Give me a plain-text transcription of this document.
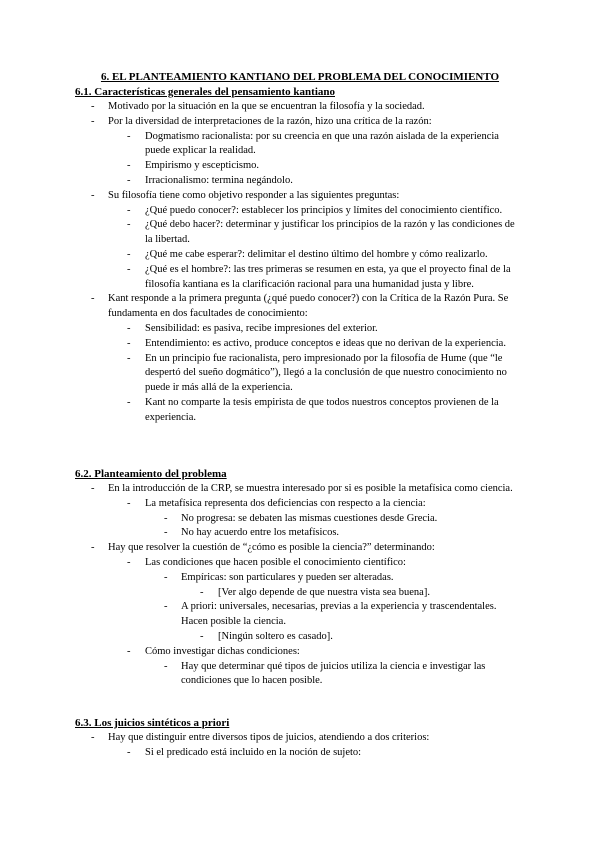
6. EL PLANTEAMIENTO KANTIANO DEL PROBLEMA DEL CONOCIMIENTO
6.1. Características generales del pensamiento kantiano
- Motivado por la situación en la que se encuentran la filosofía y la sociedad.
- Por la diversidad de interpretaciones de la razón, hizo una crítica de la razón:
- Dogmatismo racionalista: por su creencia en que una razón aislada de la experiencia puede explicar la realidad.
- Empirismo y escepticismo.
- Irracionalismo: termina negándolo.
- Su filosofía tiene como objetivo responder a las siguientes preguntas:
- ¿Qué puedo conocer?: establecer los principios y límites del conocimiento científico.
- ¿Qué debo hacer?: determinar y justificar los principios de la razón y las condiciones de la libertad.
- ¿Qué me cabe esperar?: delimitar el destino último del hombre y cómo realizarlo.
- ¿Qué es el hombre?: las tres primeras se resumen en esta, ya que el proyecto final de la filosofía kantiana es la clarificación racional para una humanidad justa y libre.
- Kant responde a la primera pregunta (¿qué puedo conocer?) con la Crítica de la Razón Pura. Se fundamenta en dos facultades de conocimiento:
- Sensibilidad: es pasiva, recibe impresiones del exterior.
- Entendimiento: es activo, produce conceptos e ideas que no derivan de la experiencia.
- En un principio fue racionalista, pero impresionado por la filosofía de Hume (que “le despertó del sueño dogmático”), llegó a la conclusión de que nuestro conocimiento no puede ir más allá de la experiencia.
- Kant no comparte la tesis empirista de que todos nuestros conceptos provienen de la experiencia.
6.2. Planteamiento del problema
- En la introducción de la CRP, se muestra interesado por si es posible la metafísica como ciencia.
- La metafísica representa dos deficiencias con respecto a la ciencia:
- No progresa: se debaten las mismas cuestiones desde Grecia.
- No hay acuerdo entre los metafísicos.
- Hay que resolver la cuestión de “¿cómo es posible la ciencia?” determinando:
- Las condiciones que hacen posible el conocimiento científico:
- Empíricas: son particulares y pueden ser alteradas.
- [Ver algo depende de que nuestra vista sea buena].
- A priori: universales, necesarias, previas a la experiencia y trascendentales. Hacen posible la ciencia.
- [Ningún soltero es casado].
- Cómo investigar dichas condiciones:
- Hay que determinar qué tipos de juicios utiliza la ciencia e investigar las condiciones que lo hacen posible.
6.3. Los juicios sintéticos a priori
- Hay que distinguir entre diversos tipos de juicios, atendiendo a dos criterios:
- Si el predicado está incluido en la noción de sujeto:
